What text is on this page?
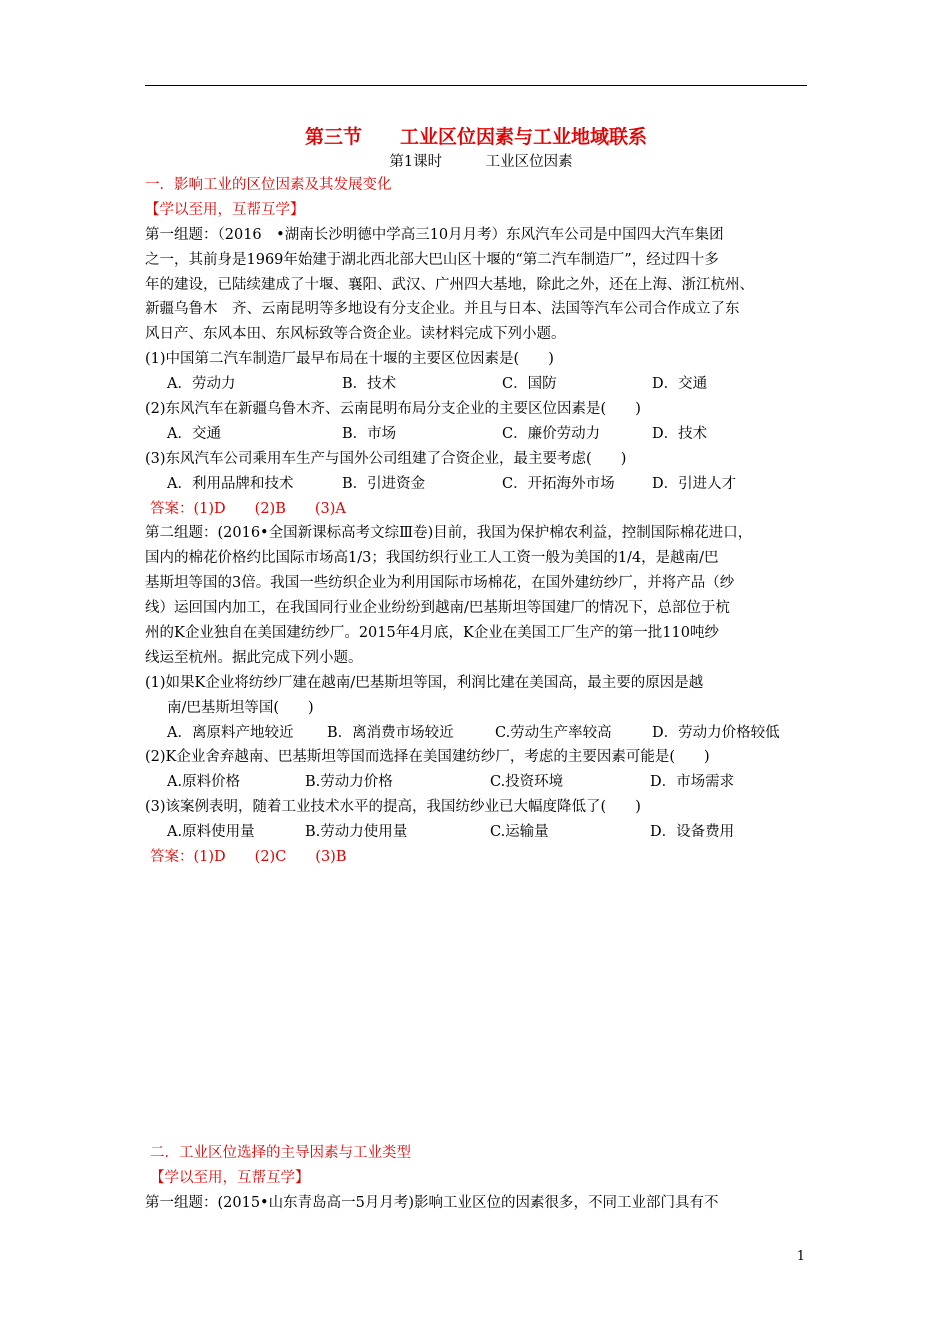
第三节　　工业区位因素与工业地域联系
第1课时　　　工业区位因素
一．影响工业的区位因素及其发展变化
【学以至用，互帮互学】
第一组题：（2016　•湖南长沙明德中学高三10月月考）东风汽车公司是中国四大汽车集团
之一，其前身是1969年始建于湖北西北部大巴山区十堰的“第二汽车制造厂”，经过四十多
年的建设，已陆续建成了十堰、襄阳、武汉、广州四大基地，除此之外，还在上海、浙江杭州、
新疆乌鲁木　齐、云南昆明等多地设有分支企业。并且与日本、法国等汽车公司合作成立了东
风日产、东风本田、东风标致等合资企业。读材料完成下列小题。
(1)中国第二汽车制造厂最早布局在十堰的主要区位因素是(　　)
A．劳动力	B．技术	C．国防	D．交通
(2)东风汽车在新疆乌鲁木齐、云南昆明布局分支企业的主要区位因素是(　　)
A．交通	B．市场	C．廉价劳动力	D．技术
(3)东风汽车公司乘用车生产与国外公司组建了合资企业，最主要考虑(　　)
A．利用品牌和技术	B．引进资金	C．开拓海外市场	D．引进人才
答案：(1)D　　(2)B　　(3)A
第二组题：(2016•全国新课标高考文综Ⅲ卷)目前，我国为保护棉农利益，控制国际棉花进口，
国内的棉花价格约比国际市场高1/3；我国纺织行业工人工资一般为美国的1/4，是越南/巴
基斯坦等国的3倍。我国一些纺织企业为利用国际市场棉花，在国外建纺纱厂，并将产品（纱
线）运回国内加工，在我国同行业企业纷纷到越南/巴基斯坦等国建厂的情况下，总部位于杭
州的K企业独自在美国建纺纱厂。2015年4月底，K企业在美国工厂生产的第一批110吨纱
线运至杭州。据此完成下列小题。
(1)如果K企业将纺纱厂建在越南/巴基斯坦等国，利润比建在美国高，最主要的原因是越
南/巴基斯坦等国(　　)
A．离原料产地较近	B．离消费市场较近	C.劳动生产率较高	D．劳动力价格较低
(2)K企业舍弃越南、巴基斯坦等国而选择在美国建纺纱厂，考虑的主要因素可能是(　　)
A.原料价格	B.劳动力价格	C.投资环境	D．市场需求
(3)该案例表明，随着工业技术水平的提高，我国纺纱业已大幅度降低了(　　)
A.原料使用量	B.劳动力使用量	C.运输量	D．设备费用
答案：(1)D　　(2)C　　(3)B
二．工业区位选择的主导因素与工业类型
【学以至用，互帮互学】
第一组题：(2015•山东青岛高一5月月考)影响工业区位的因素很多，不同工业部门具有不
1
